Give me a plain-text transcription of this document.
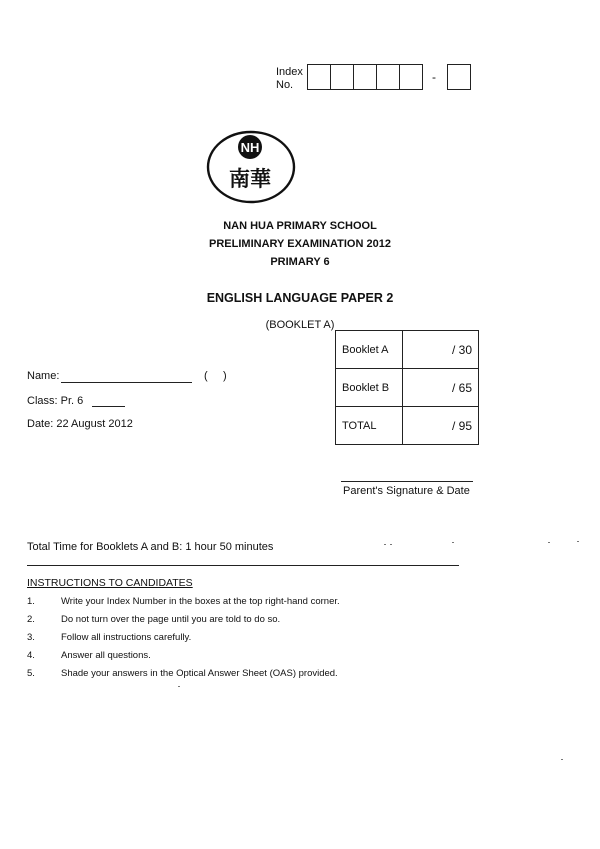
Index
No.
-
NH
南華
NAN HUA PRIMARY SCHOOL
PRELIMINARY EXAMINATION 2012
PRIMARY 6
ENGLISH LANGUAGE PAPER 2
(BOOKLET A)
Name:	(     )
Class: Pr. 6
Date: 22 August 2012
Booklet A	/ 30
Booklet B	/ 65
TOTAL	/ 95
Parent's Signature & Date
Total Time for Booklets A and B: 1 hour 50 minutes
INSTRUCTIONS TO CANDIDATES
1.	Write your Index Number in the boxes at the top right-hand corner.
2.	Do not turn over the page until you are told to do so.
3.	Follow all instructions carefully.
4.	Answer all questions.
5.	Shade your answers in the Optical Answer Sheet (OAS) provided.
